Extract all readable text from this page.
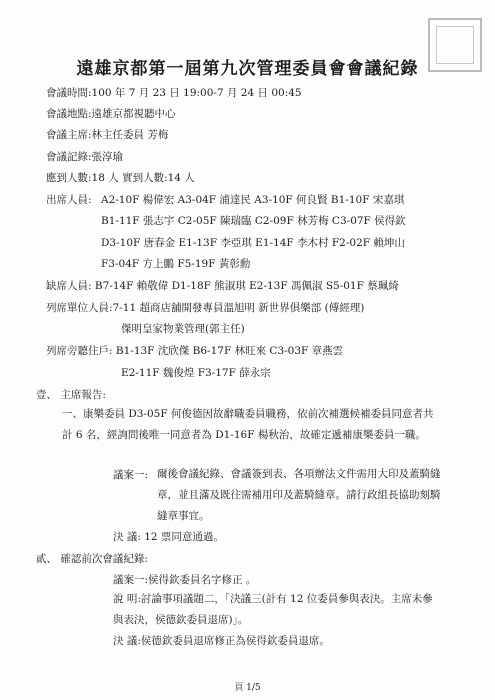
遠雄京都第一屆第九次管理委員會會議紀錄
會議時間:100 年 7 月 23 日 19:00-7 月 24 日 00:45
會議地點:遠雄京都視聽中心
會議主席:林主任委員 芳梅
會議記錄:張淳瑜
應到人數:18 人 實到人數:14 人
出席人員: A2-10F 楊偉宏 A3-04F 浦達民 A3-10F 何良賢 B1-10F 宋嘉琪
B1-11F 張志宇 C2-05F 陳瑞臨 C2-09F 林芳梅 C3-07F 侯得欽
D3-10F 唐春金 E1-13F 李亞琪 E1-14F 李木村 F2-02F 賴坤山
F3-04F 方上鵬 F5-19F 黃彰勳
缺席人員: B7-14F 賴敬偉 D1-18F 熊淑琪 E2-13F 馮佩淑 S5-01F 蔡珮綺
列席單位人員:7-11 超商店舖開發專員溫旭明 新世界俱樂部 (傅經理)
傑明皇家物業管理(郭主任)
列席旁聽住戶: B1-13F 沈欣傑 B6-17F 林旺來 C3-03F 章燕雲
E2-11F 魏俊煌 F3-17F 薛永宗
壹、 主席報告:
一、康樂委員 D3-05F 何俊德因故辭職委員職務，依前次補選候補委員同意者共計 6 名，經詢問後唯一同意者為 D1-16F 楊秋治，故確定遞補康樂委員一職。
議案一: 爾後會議紀錄、會議簽到表、各項辦法文件需用大印及蓋騎縫章，並且滿及既往需補用印及蓋騎縫章。請行政組長協助刻騎縫章事宜。
決 議: 12 票同意通過。
貳、 確認前次會議紀錄:
議案一:侯得欽委員名字修正 。
說 明:討論事項議題二，「決議三(計有 12 位委員參與表決。主席未參與表決，侯德欽委員退席)」。
決 議:侯德欽委員退席修正為侯得欽委員退席。
頁 1/5
